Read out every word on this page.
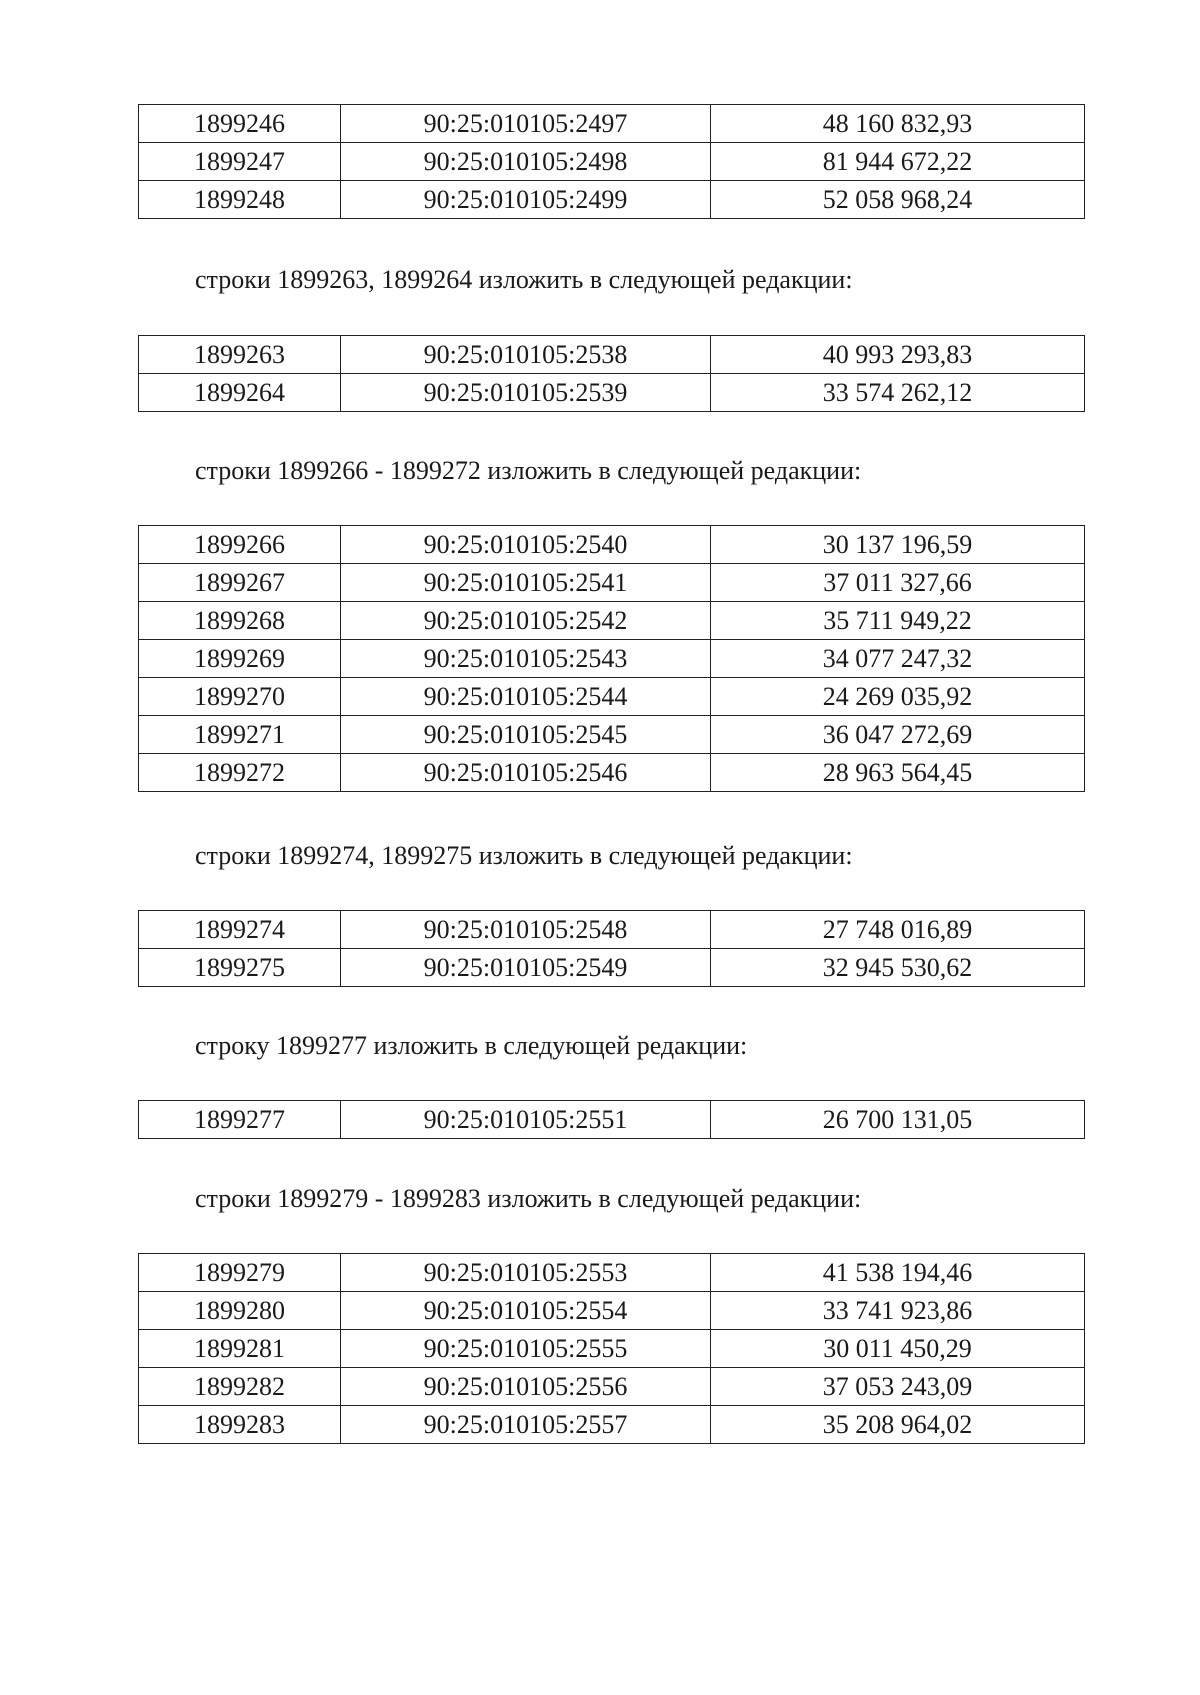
1899246	90:25:010105:2497	48 160 832,93
1899247	90:25:010105:2498	81 944 672,22
1899248	90:25:010105:2499	52 058 968,24
строки 1899263, 1899264 изложить в следующей редакции:
1899263	90:25:010105:2538	40 993 293,83
1899264	90:25:010105:2539	33 574 262,12
строки 1899266 - 1899272 изложить в следующей редакции:
1899266	90:25:010105:2540	30 137 196,59
1899267	90:25:010105:2541	37 011 327,66
1899268	90:25:010105:2542	35 711 949,22
1899269	90:25:010105:2543	34 077 247,32
1899270	90:25:010105:2544	24 269 035,92
1899271	90:25:010105:2545	36 047 272,69
1899272	90:25:010105:2546	28 963 564,45
строки 1899274, 1899275 изложить в следующей редакции:
1899274	90:25:010105:2548	27 748 016,89
1899275	90:25:010105:2549	32 945 530,62
строку 1899277 изложить в следующей редакции:
1899277	90:25:010105:2551	26 700 131,05
строки 1899279 - 1899283 изложить в следующей редакции:
1899279	90:25:010105:2553	41 538 194,46
1899280	90:25:010105:2554	33 741 923,86
1899281	90:25:010105:2555	30 011 450,29
1899282	90:25:010105:2556	37 053 243,09
1899283	90:25:010105:2557	35 208 964,02
